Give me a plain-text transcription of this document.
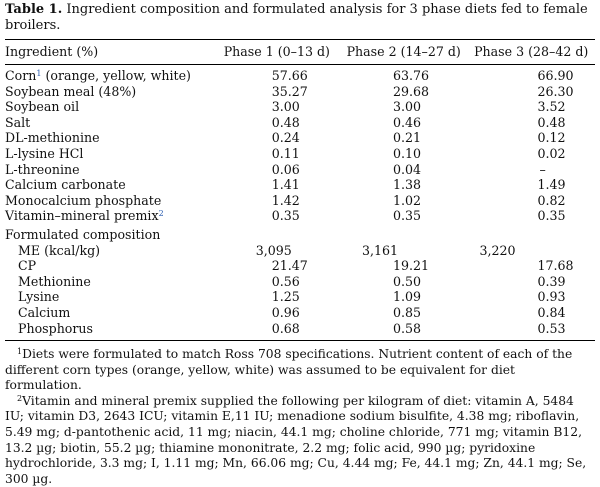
Table 1. Ingredient composition and formulated analysis for 3 phase diets fed to female broilers.
Ingredient (%)	Phase 1 (0–13 d)	Phase 2 (14–27 d)	Phase 3 (28–42 d)
Corn$^1$ (orange, yellow, white)	57.66	63.76	66.90
Soybean meal (48%)	35.27	29.68	26.30
Soybean oil	3.00	3.00	3.52
Salt	0.48	0.46	0.48
DL-methionine	0.24	0.21	0.12
L-lysine HCl	0.11	0.10	0.02
L-threonine	0.06	0.04	–
Calcium carbonate	1.41	1.38	1.49
Monocalcium phosphate	1.42	1.02	0.82
Vitamin–mineral premix$^2$	0.35	0.35	0.35
Formulated composition			
ME (kcal/kg)	3,095	3,161	3,220
CP	21.47	19.21	17.68
Methionine	0.56	0.50	0.39
Lysine	1.25	1.09	0.93
Calcium	0.96	0.85	0.84
Phosphorus	0.68	0.58	0.53

$^1$Diets were formulated to match Ross 708 specifications. Nutrient content of each of the different corn types (orange, yellow, white) was assumed to be equivalent for diet formulation.

$^2$Vitamin and mineral premix supplied the following per kilogram of diet: vitamin A, 5484 IU; vitamin D3, 2643 ICU; vitamin E,11 IU; menadione sodium bisulfite, 4.38 mg; riboflavin, 5.49 mg; d-pantothenic acid, 11 mg; niacin, 44.1 mg; choline chloride, 771 mg; vitamin B12, 13.2 µg; biotin, 55.2 µg; thiamine mononitrate, 2.2 mg; folic acid, 990 µg; pyridoxine hydrochloride, 3.3 mg; I, 1.11 mg; Mn, 66.06 mg; Cu, 4.44 mg; Fe, 44.1 mg; Zn, 44.1 mg; Se, 300 µg.
